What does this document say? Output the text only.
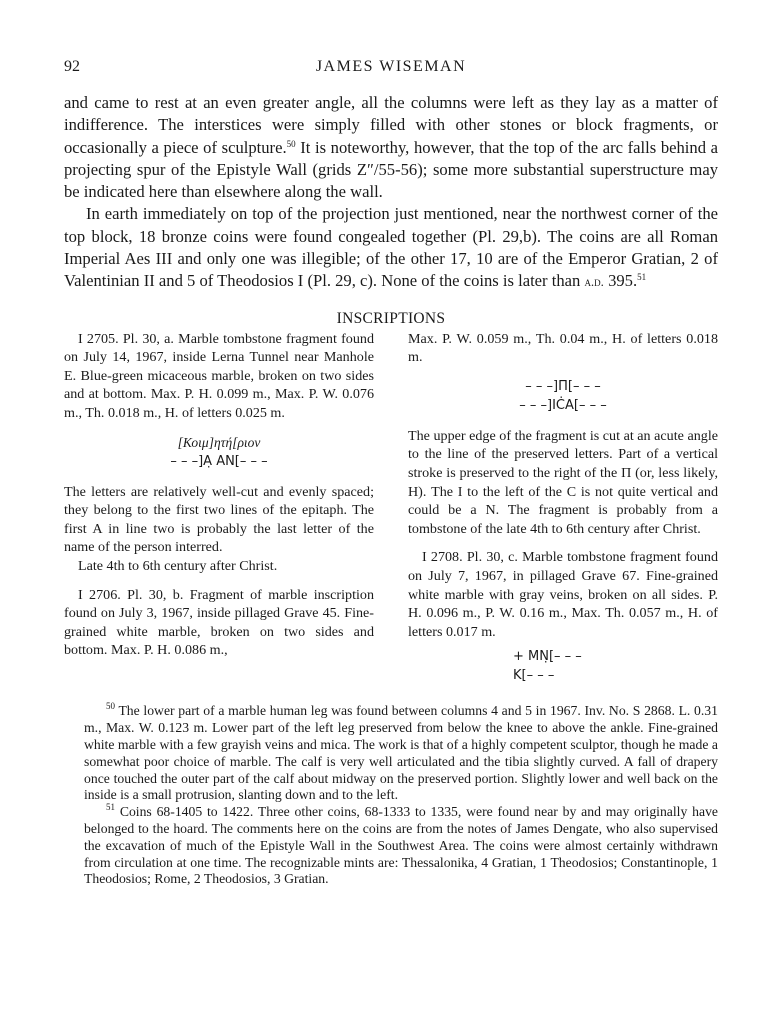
92	JAMES WISEMAN

and came to rest at an even greater angle, all the columns were left as they lay as a matter of indifference. The interstices were simply filled with other stones or block fragments, or occasionally a piece of sculpture.$^{50}$ It is noteworthy, however, that the top of the arc falls behind a projecting spur of the Epistyle Wall (grids Z″/55-56); some more substantial superstructure may be indicated here than elsewhere along the wall.

In earth immediately on top of the projection just mentioned, near the northwest corner of the top block, 18 bronze coins were found congealed together (Pl. 29,b). The coins are all Roman Imperial Aes III and only one was illegible; of the other 17, 10 are of the Emperor Gratian, 2 of Valentinian II and 5 of Theodosios I (Pl. 29, c). None of the coins is later than a.d. 395.51

INSCRIPTIONS

I 2705. Pl. 30, a. Marble tombstone fragment found on July 14, 1967, inside Lerna Tunnel near Manhole E. Blue-green micaceous marble, broken on two sides and at bottom. Max. P. H. 0.099 m., Max. P. W. 0.076 m., Th. 0.018 m., H. of letters 0.025 m.

[Κοιμ]ητή[ριον
– – –]Α̣ ΑΝ[– – –

The letters are relatively well-cut and evenly spaced; they belong to the first two lines of the epitaph. The first A in line two is probably the last letter of the name of the person interred.

Late 4th to 6th century after Christ.

I 2706. Pl. 30, b. Fragment of marble inscription found on July 3, 1967, inside pillaged Grave 45. Fine-grained white marble, broken on two sides and bottom. Max. P. H. 0.086 m.,

Max. P. W. 0.059 m., Th. 0.04 m., H. of letters 0.018 m.

– – –]Π[– – –
– – –]ΙĊΑ[– – –

The upper edge of the fragment is cut at an acute angle to the line of the preserved letters. Part of a vertical stroke is preserved to the right of the Π (or, less likely, H). The I to the left of the C is not quite vertical and could be a N. The fragment is probably from a tombstone of the late 4th to 6th century after Christ.

I 2708. Pl. 30, c. Marble tombstone fragment found on July 7, 1967, in pillaged Grave 67. Fine-grained white marble with gray veins, broken on all sides. P. H. 0.096 m., P. W. 0.16 m., Max. Th. 0.057 m., H. of letters 0.017 m.

+ ΜΝ̣[– – –
Κ[– – –

$^{50}$ The lower part of a marble human leg was found between columns 4 and 5 in 1967. Inv. No. S 2868. L. 0.31 m., Max. W. 0.123 m. Lower part of the left leg preserved from below the knee to above the ankle. Fine-grained white marble with a few grayish veins and mica. The work is that of a highly competent sculptor, though he made a somewhat poor choice of marble. The calf is very well articulated and the tibia slightly curved. A fall of drapery once touched the outer part of the calf about midway on the preserved portion. Slightly lower and well back on the inside is a small protrusion, slanting down and to the left.

$^{51}$ Coins 68-1405 to 1422. Three other coins, 68-1333 to 1335, were found near by and may originally have belonged to the hoard. The comments here on the coins are from the notes of James Dengate, who also supervised the excavation of much of the Epistyle Wall in the Southwest Area. The coins were almost certainly withdrawn from circulation at one time. The recognizable mints are: Thessalonika, 4 Gratian, 1 Theodosios; Constantinople, 1 Theodosios; Rome, 2 Theodosios, 3 Gratian.
